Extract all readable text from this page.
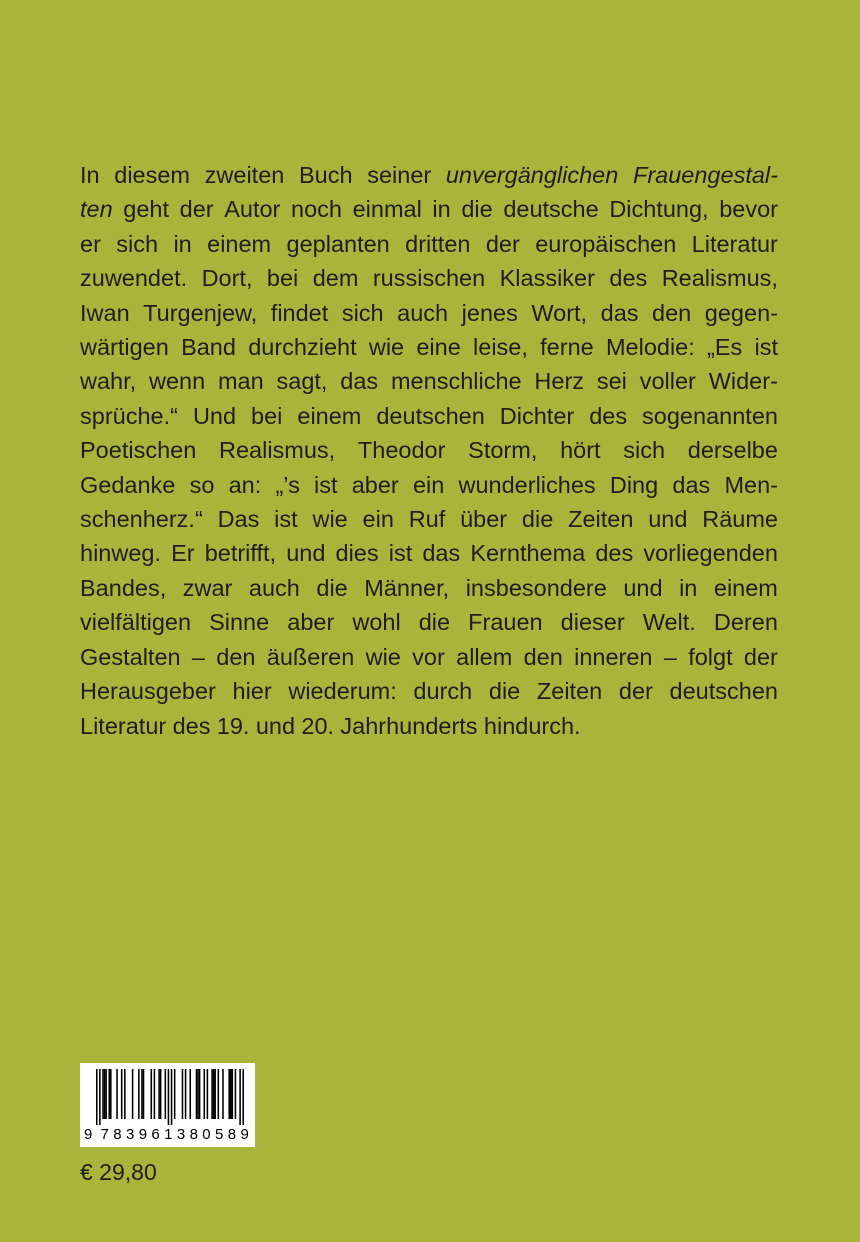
In diesem zweiten Buch seiner unvergänglichen Frauengestal-
ten geht der Autor noch einmal in die deutsche Dichtung, bevor
er sich in einem geplanten dritten der europäischen Literatur
zuwendet. Dort, bei dem russischen Klassiker des Realismus,
Iwan Turgenjew, findet sich auch jenes Wort, das den gegen-
wärtigen Band durchzieht wie eine leise, ferne Melodie: „Es ist
wahr, wenn man sagt, das menschliche Herz sei voller Wider-
sprüche.“ Und bei einem deutschen Dichter des sogenannten
Poetischen Realismus, Theodor Storm, hört sich derselbe
Gedanke so an: „’s ist aber ein wunderliches Ding das Men-
schenherz.“ Das ist wie ein Ruf über die Zeiten und Räume
hinweg. Er betrifft, und dies ist das Kernthema des vorliegenden
Bandes, zwar auch die Männer, insbesondere und in einem
vielfältigen Sinne aber wohl die Frauen dieser Welt. Deren
Gestalten – den äußeren wie vor allem den inneren – folgt der
Herausgeber hier wiederum: durch die Zeiten der deutschen
Literatur des 19. und 20. Jahrhunderts hindurch.
9 7 8 3 9 6 1 3 8 0 5 8 9
€ 29,80
